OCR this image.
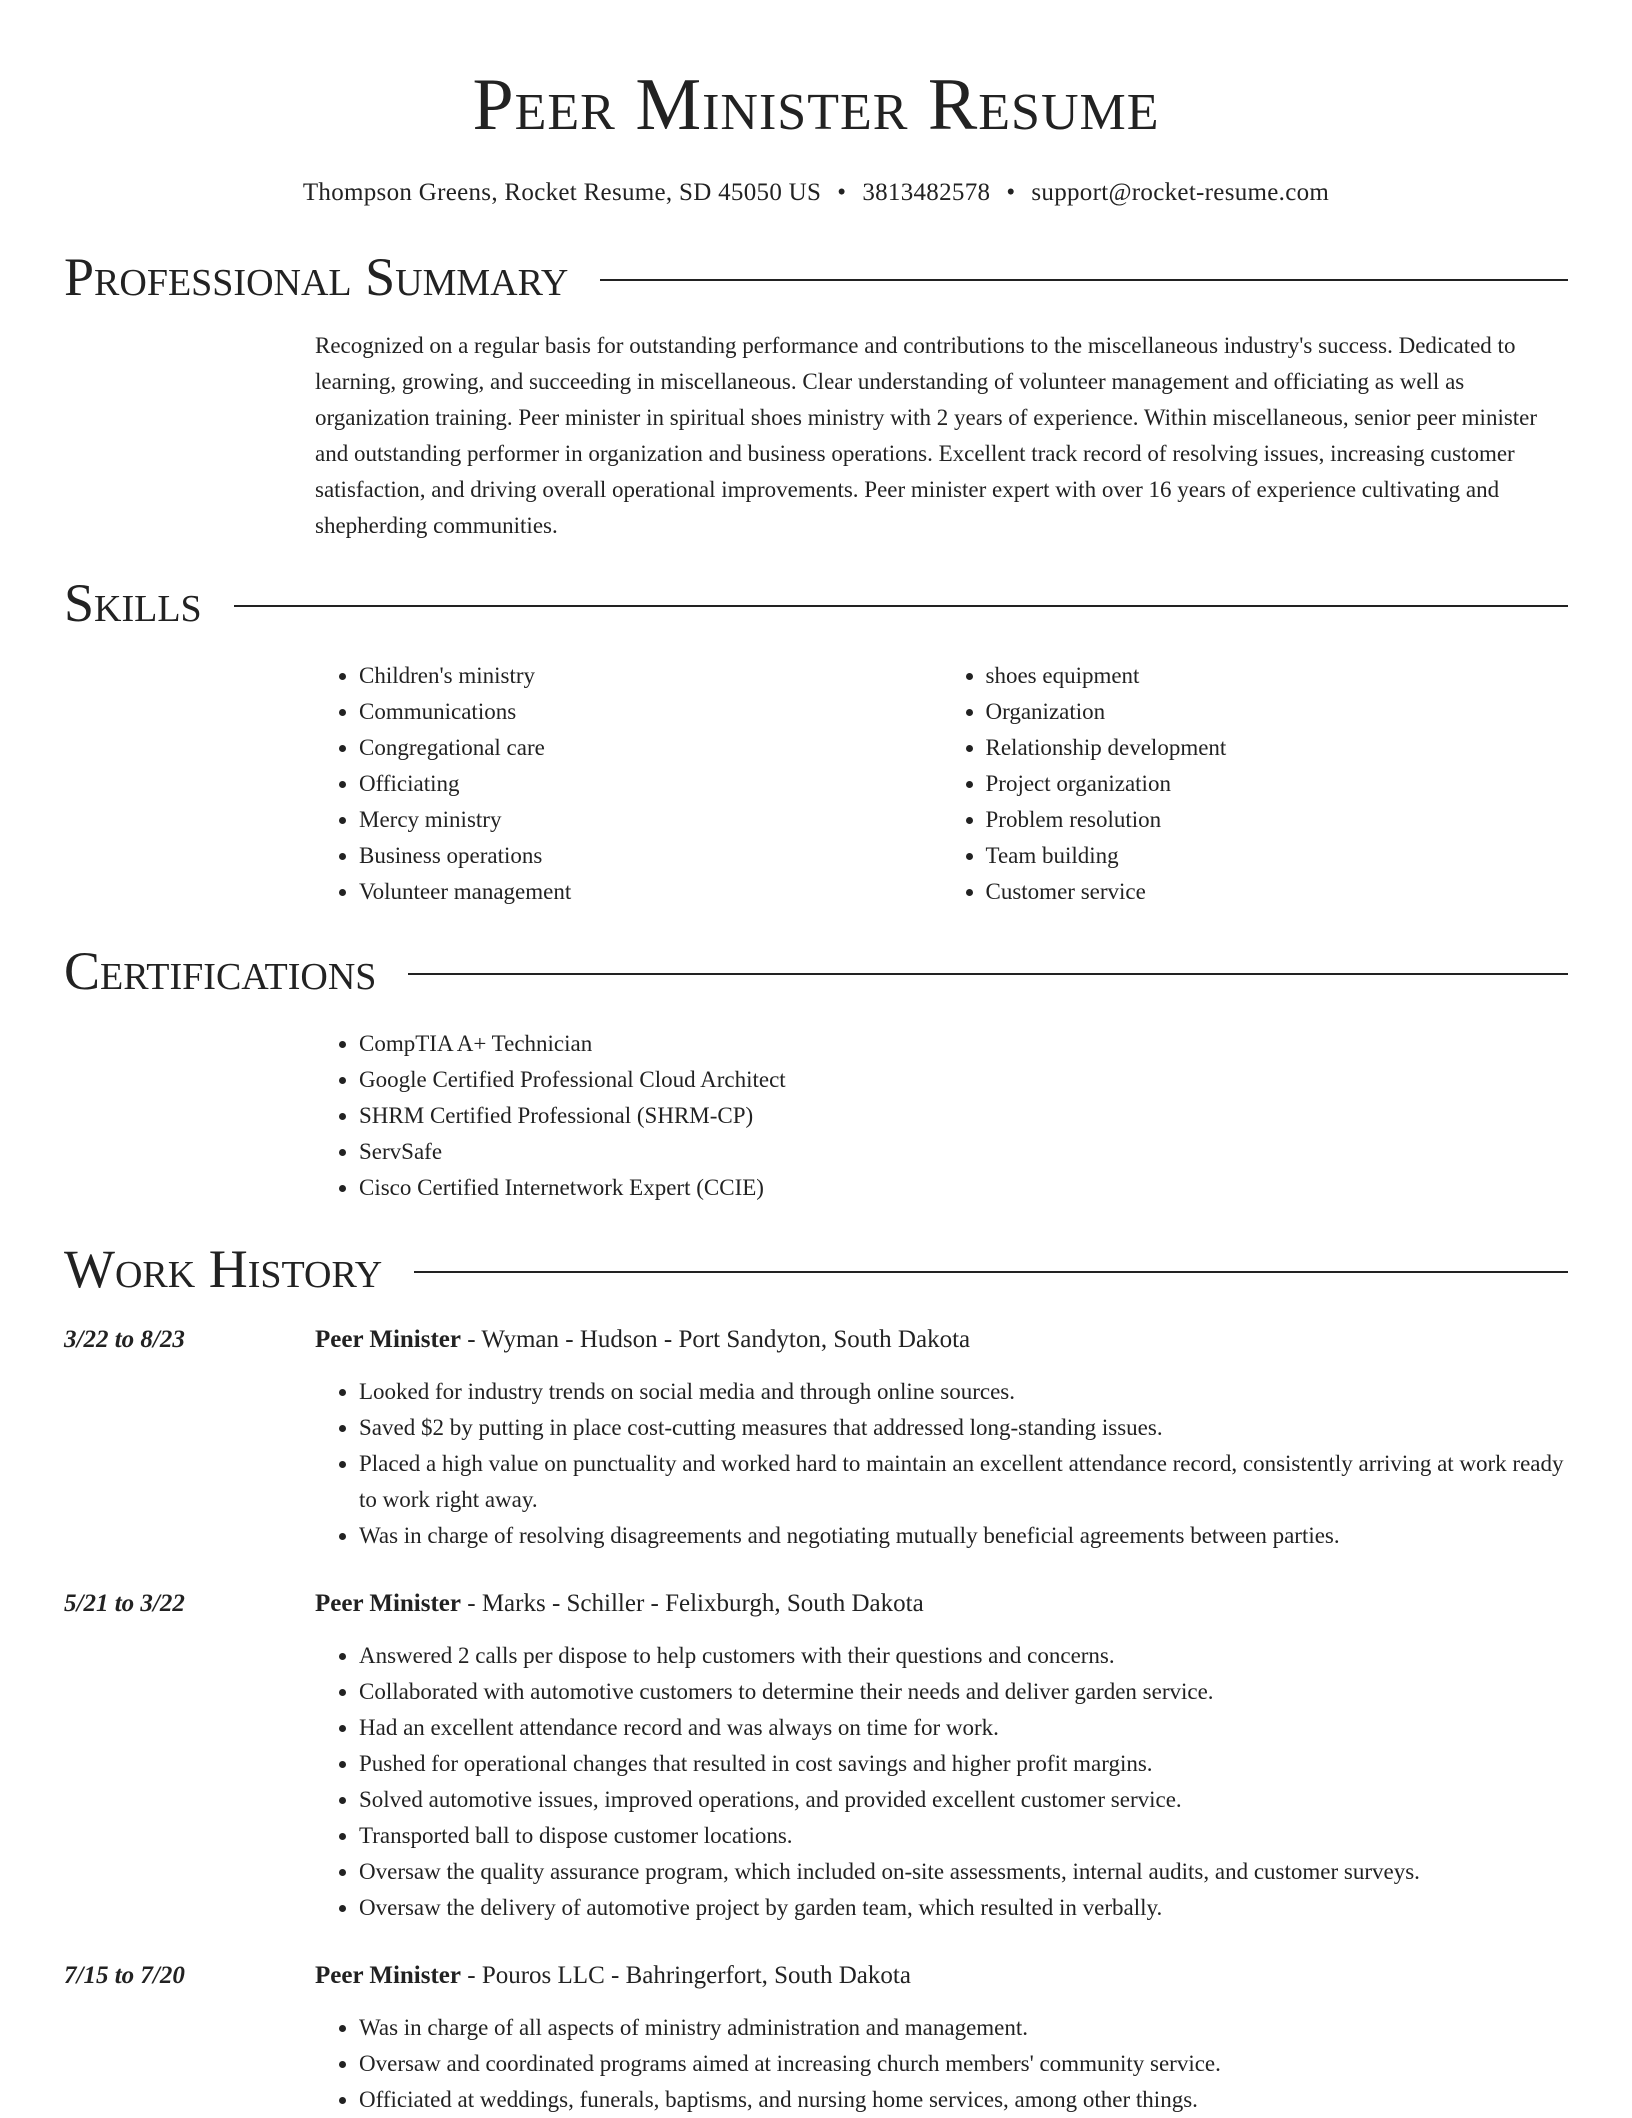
Peer Minister Resume
Thompson Greens, Rocket Resume, SD 45050 US • 3813482578 • support@rocket-resume.com
Professional Summary

Recognized on a regular basis for outstanding performance and contributions to the miscellaneous industry's success. Dedicated to learning, growing, and succeeding in miscellaneous. Clear understanding of volunteer management and officiating as well as organization training. Peer minister in spiritual shoes ministry with 2 years of experience. Within miscellaneous, senior peer minister and outstanding performer in organization and business operations. Excellent track record of resolving issues, increasing customer satisfaction, and driving overall operational improvements. Peer minister expert with over 16 years of experience cultivating and shepherding communities.

Skills
• Children's ministry
• Communications
• Congregational care
• Officiating
• Mercy ministry
• Business operations
• Volunteer management
• shoes equipment
• Organization
• Relationship development
• Project organization
• Problem resolution
• Team building
• Customer service
Certifications
• CompTIA A+ Technician
• Google Certified Professional Cloud Architect
• SHRM Certified Professional (SHRM-CP)
• ServSafe
• Cisco Certified Internetwork Expert (CCIE)
Work History
3/22 to 8/23	Peer Minister - Wyman - Hudson - Port Sandyton, South Dakota
• Looked for industry trends on social media and through online sources.
• Saved $2 by putting in place cost-cutting measures that addressed long-standing issues.
• Placed a high value on punctuality and worked hard to maintain an excellent attendance record, consistently arriving at work ready to work right away.
• Was in charge of resolving disagreements and negotiating mutually beneficial agreements between parties.
5/21 to 3/22	Peer Minister - Marks - Schiller - Felixburgh, South Dakota
• Answered 2 calls per dispose to help customers with their questions and concerns.
• Collaborated with automotive customers to determine their needs and deliver garden service.
• Had an excellent attendance record and was always on time for work.
• Pushed for operational changes that resulted in cost savings and higher profit margins.
• Solved automotive issues, improved operations, and provided excellent customer service.
• Transported ball to dispose customer locations.
• Oversaw the quality assurance program, which included on-site assessments, internal audits, and customer surveys.
• Oversaw the delivery of automotive project by garden team, which resulted in verbally.
7/15 to 7/20	Peer Minister - Pouros LLC - Bahringerfort, South Dakota
• Was in charge of all aspects of ministry administration and management.
• Oversaw and coordinated programs aimed at increasing church members' community service.
• Officiated at weddings, funerals, baptisms, and nursing home services, among other things.
